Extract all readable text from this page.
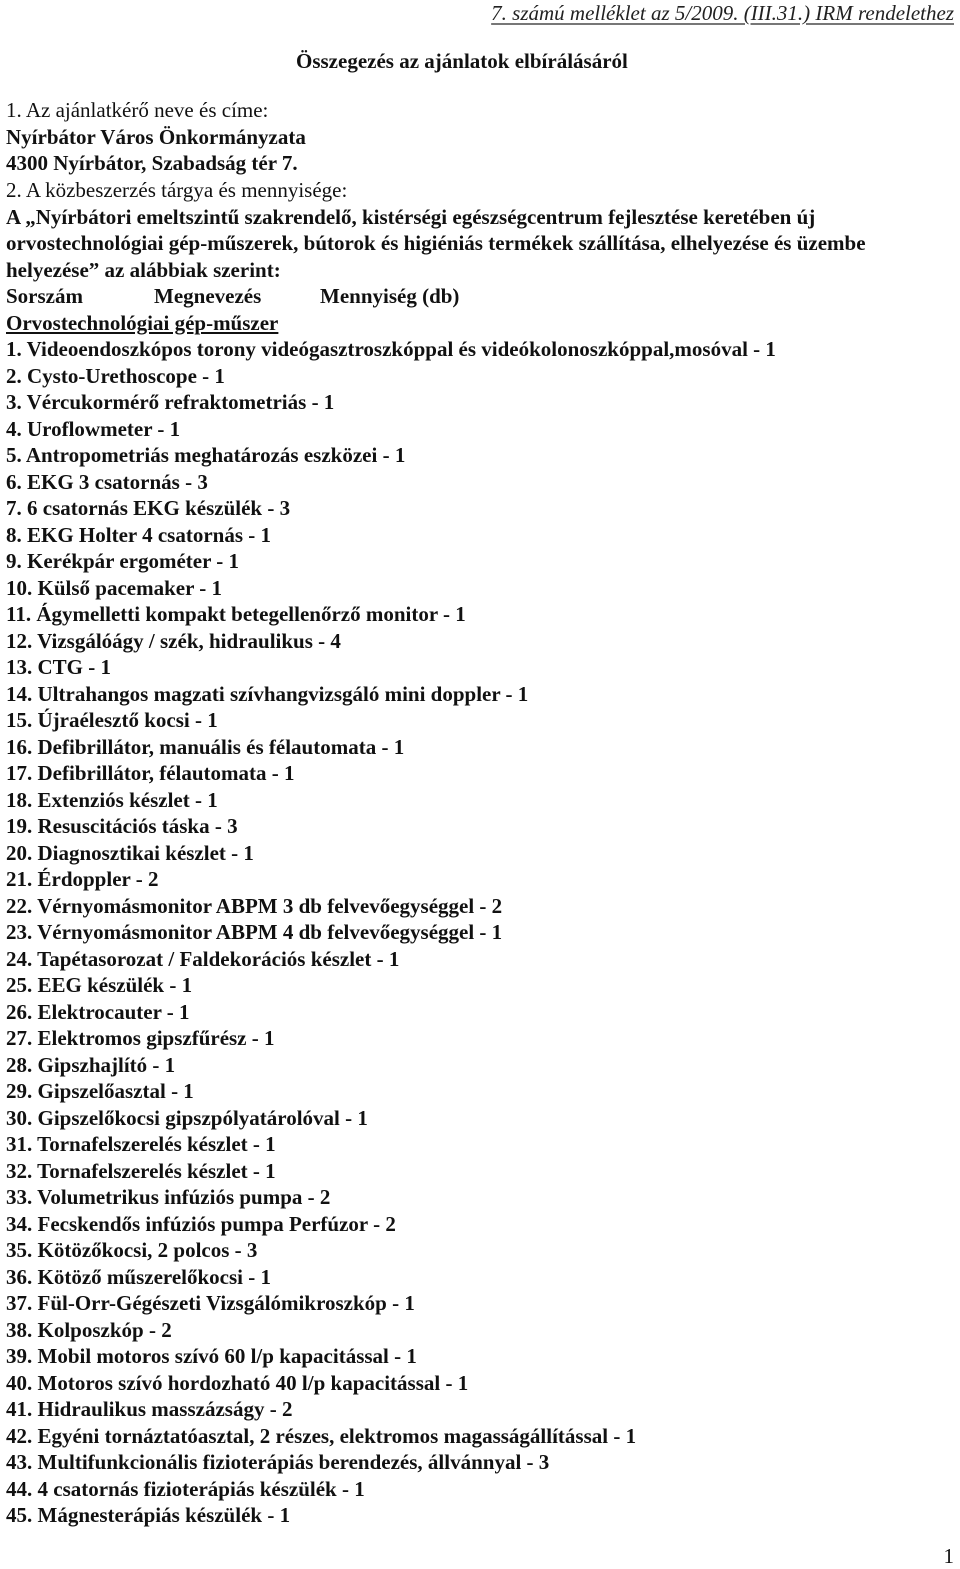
7. számú melléklet az 5/2009. (III.31.) IRM rendelethez
Összegezés az ajánlatok elbírálásáról
1. Az ajánlatkérő neve és címe:
Nyírbátor Város Önkormányzata
4300 Nyírbátor, Szabadság tér 7.
2. A közbeszerzés tárgya és mennyisége:
A „Nyírbátori emeltszintű szakrendelő, kistérségi egészségcentrum fejlesztése keretében új orvostechnológiai gép-műszerek, bútorok és higiéniás termékek szállítása, elhelyezése és üzembe helyezése” az alábbiak szerint:
Sorszám	Megnevezés	Mennyiség (db)
Orvostechnológiai gép-műszer
1. Videoendoszkópos torony videógasztroszkóppal és videókolonoszkóppal,mosóval - 1
2. Cysto-Urethoscope - 1
3. Vércukormérő refraktometriás - 1
4. Uroflowmeter - 1
5. Antropometriás meghatározás eszközei - 1
6. EKG 3 csatornás - 3
7. 6 csatornás EKG készülék - 3
8. EKG Holter 4 csatornás - 1
9. Kerékpár ergométer - 1
10. Külső pacemaker - 1
11. Ágymelletti kompakt betegellenőrző monitor - 1
12. Vizsgálóágy / szék, hidraulikus - 4
13. CTG - 1
14. Ultrahangos magzati szívhangvizsgáló mini doppler - 1
15. Újraélesztő kocsi - 1
16. Defibrillátor, manuális és félautomata - 1
17. Defibrillátor, félautomata - 1
18. Extenziós készlet - 1
19. Resuscitációs táska - 3
20. Diagnosztikai készlet - 1
21. Érdoppler - 2
22. Vérnyomásmonitor ABPM 3 db felvevőegységgel - 2
23. Vérnyomásmonitor ABPM 4 db felvevőegységgel - 1
24. Tapétasorozat / Faldekorációs készlet - 1
25. EEG készülék - 1
26. Elektrocauter - 1
27. Elektromos gipszfűrész - 1
28. Gipszhajlító - 1
29. Gipszelőasztal - 1
30. Gipszelőkocsi gipszpólyatárolóval - 1
31. Tornafelszerelés készlet - 1
32. Tornafelszerelés készlet - 1
33. Volumetrikus infúziós pumpa - 2
34. Fecskendős infúziós pumpa Perfúzor - 2
35. Kötözőkocsi, 2 polcos - 3
36. Kötöző műszerelőkocsi - 1
37. Fül-Orr-Gégészeti Vizsgálómikroszkóp - 1
38. Kolposzkóp - 2
39. Mobil motoros szívó 60 l/p kapacitással - 1
40. Motoros szívó hordozható 40 l/p kapacitással - 1
41. Hidraulikus masszázságy - 2
42. Egyéni tornáztatóasztal, 2 részes, elektromos magasságállítással - 1
43. Multifunkcionális fizioterápiás berendezés, állvánnyal - 3
44. 4 csatornás fizioterápiás készülék - 1
45. Mágnesterápiás készülék - 1
1
